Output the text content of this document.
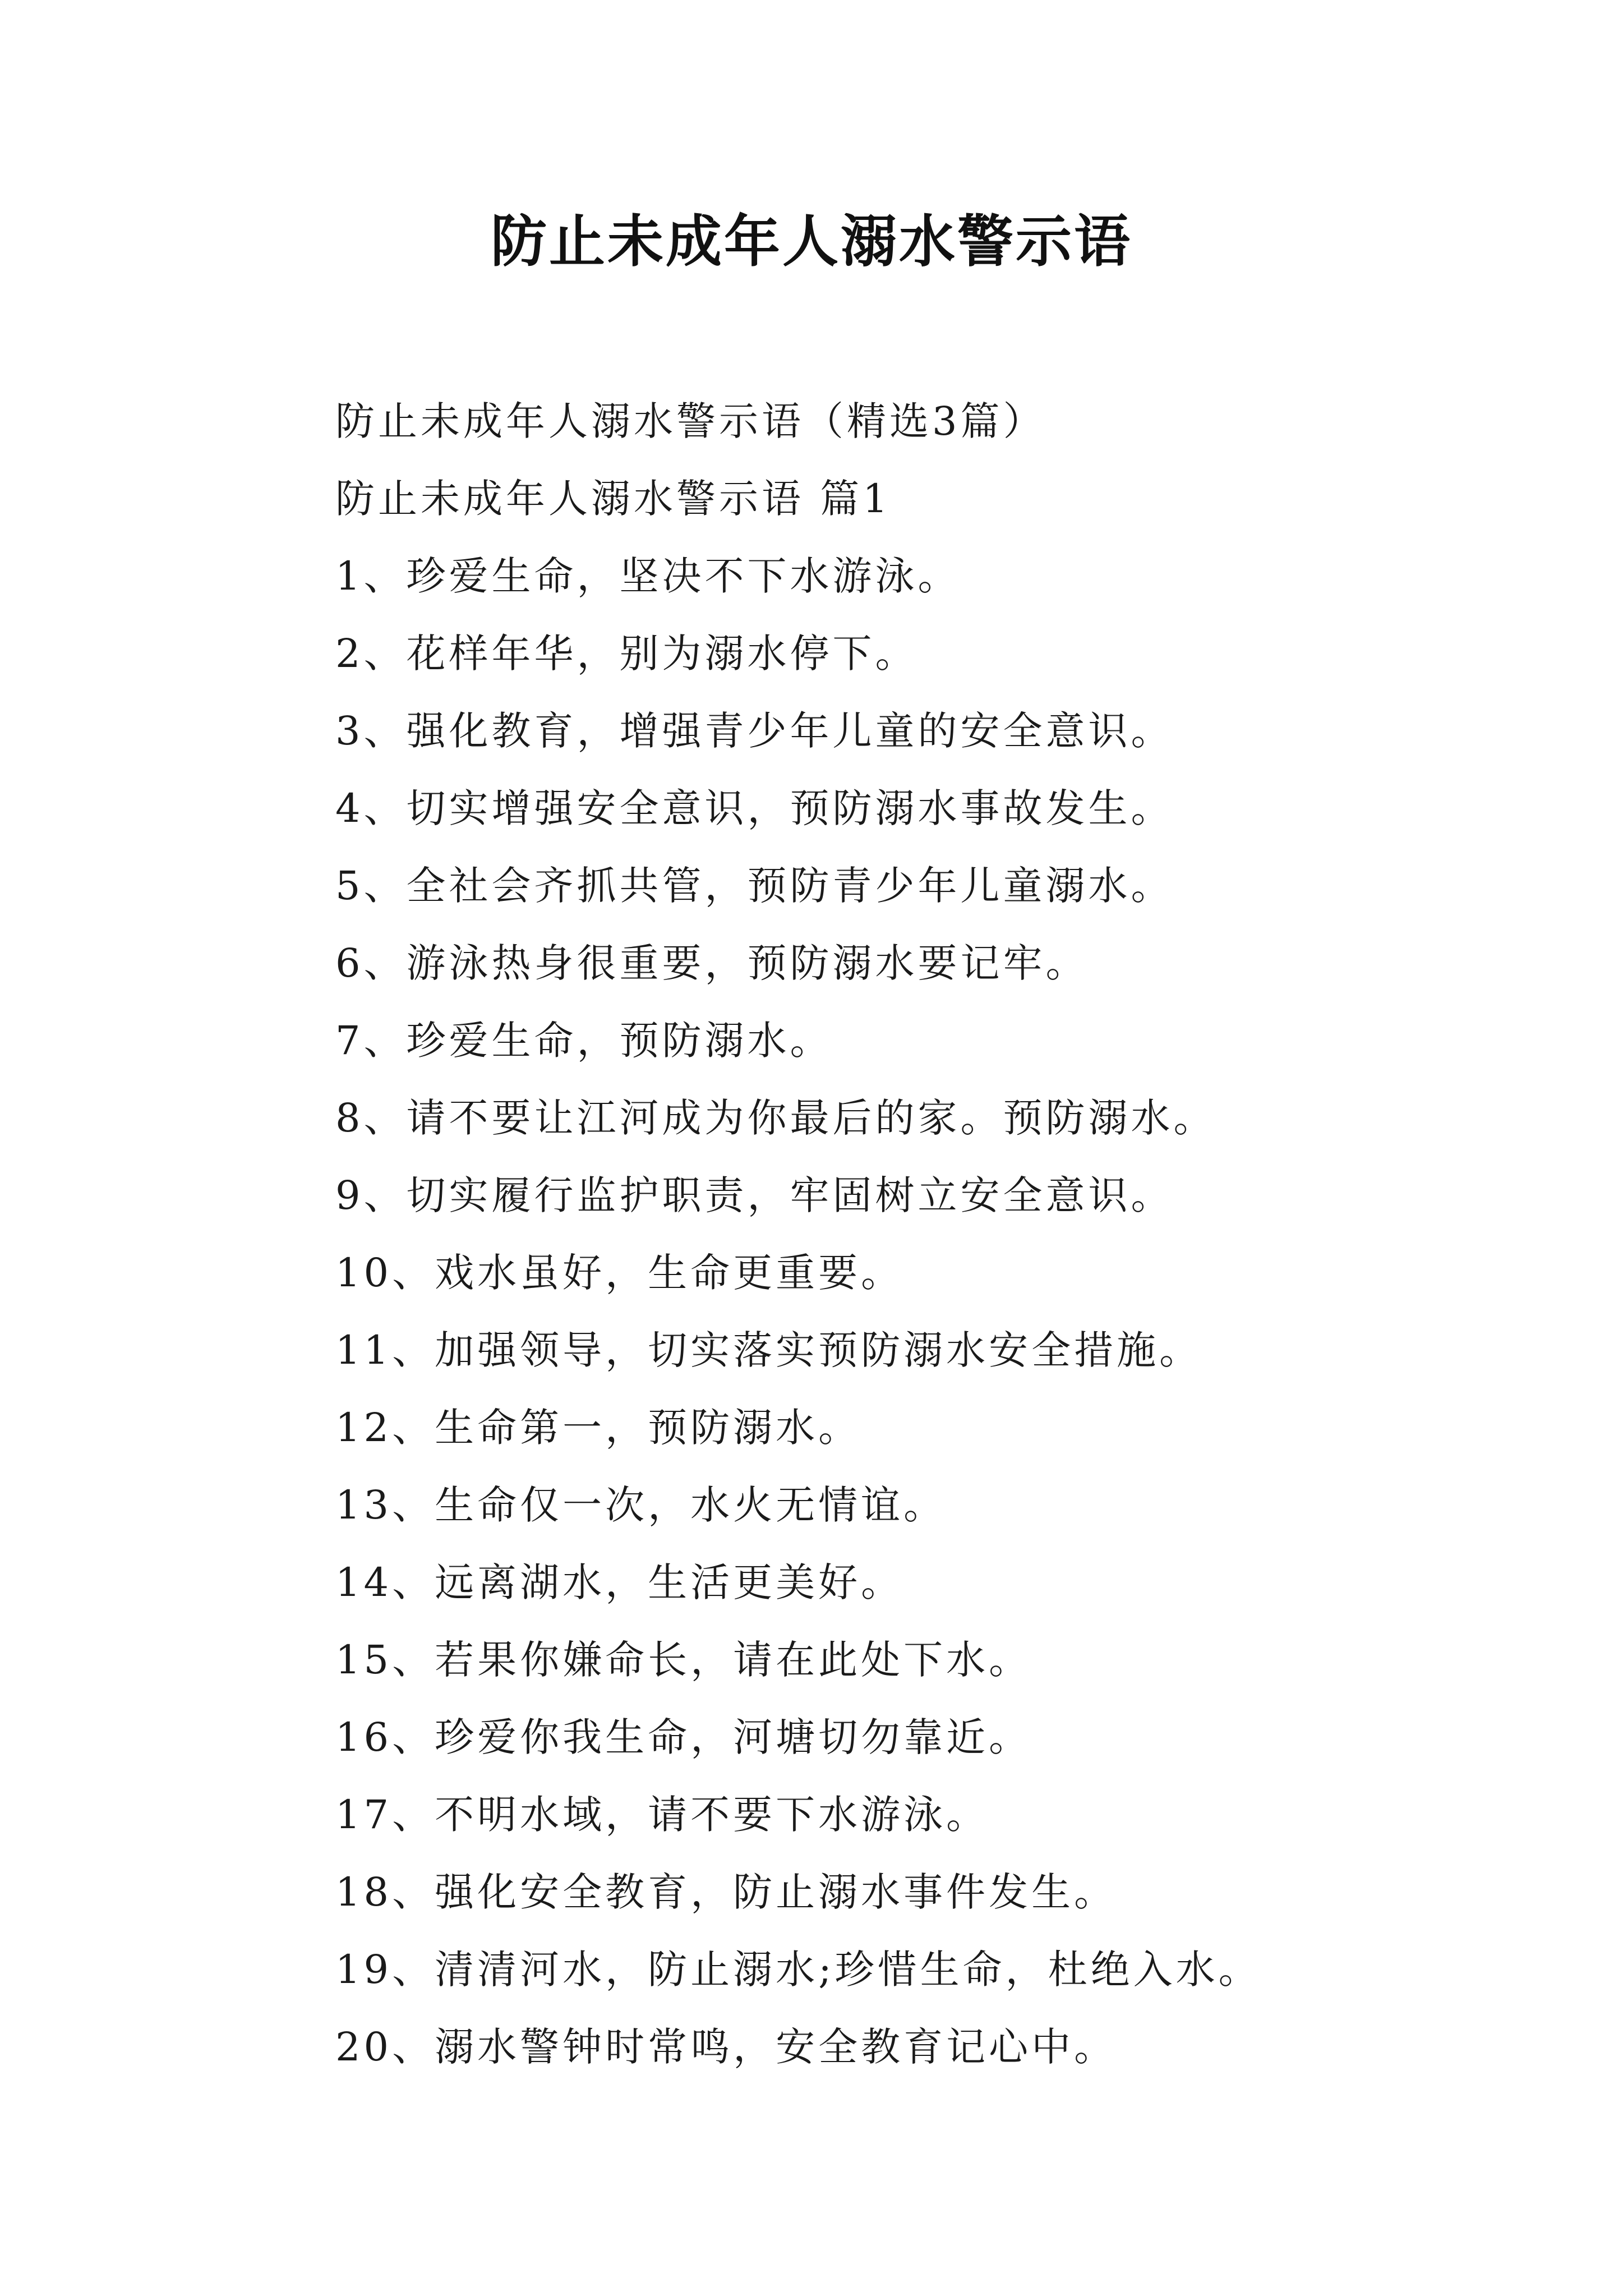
防止未成年人溺水警示语
防止未成年人溺水警示语（精选3篇）
防止未成年人溺水警示语 篇1
1、珍爱生命，坚决不下水游泳。
2、花样年华，别为溺水停下。
3、强化教育，增强青少年儿童的安全意识。
4、切实增强安全意识，预防溺水事故发生。
5、全社会齐抓共管，预防青少年儿童溺水。
6、游泳热身很重要，预防溺水要记牢。
7、珍爱生命，预防溺水。
8、请不要让江河成为你最后的家。预防溺水。
9、切实履行监护职责，牢固树立安全意识。
10、戏水虽好，生命更重要。
11、加强领导，切实落实预防溺水安全措施。
12、生命第一，预防溺水。
13、生命仅一次，水火无情谊。
14、远离湖水，生活更美好。
15、若果你嫌命长，请在此处下水。
16、珍爱你我生命，河塘切勿靠近。
17、不明水域，请不要下水游泳。
18、强化安全教育，防止溺水事件发生。
19、清清河水，防止溺水;珍惜生命，杜绝入水。
20、溺水警钟时常鸣，安全教育记心中。
